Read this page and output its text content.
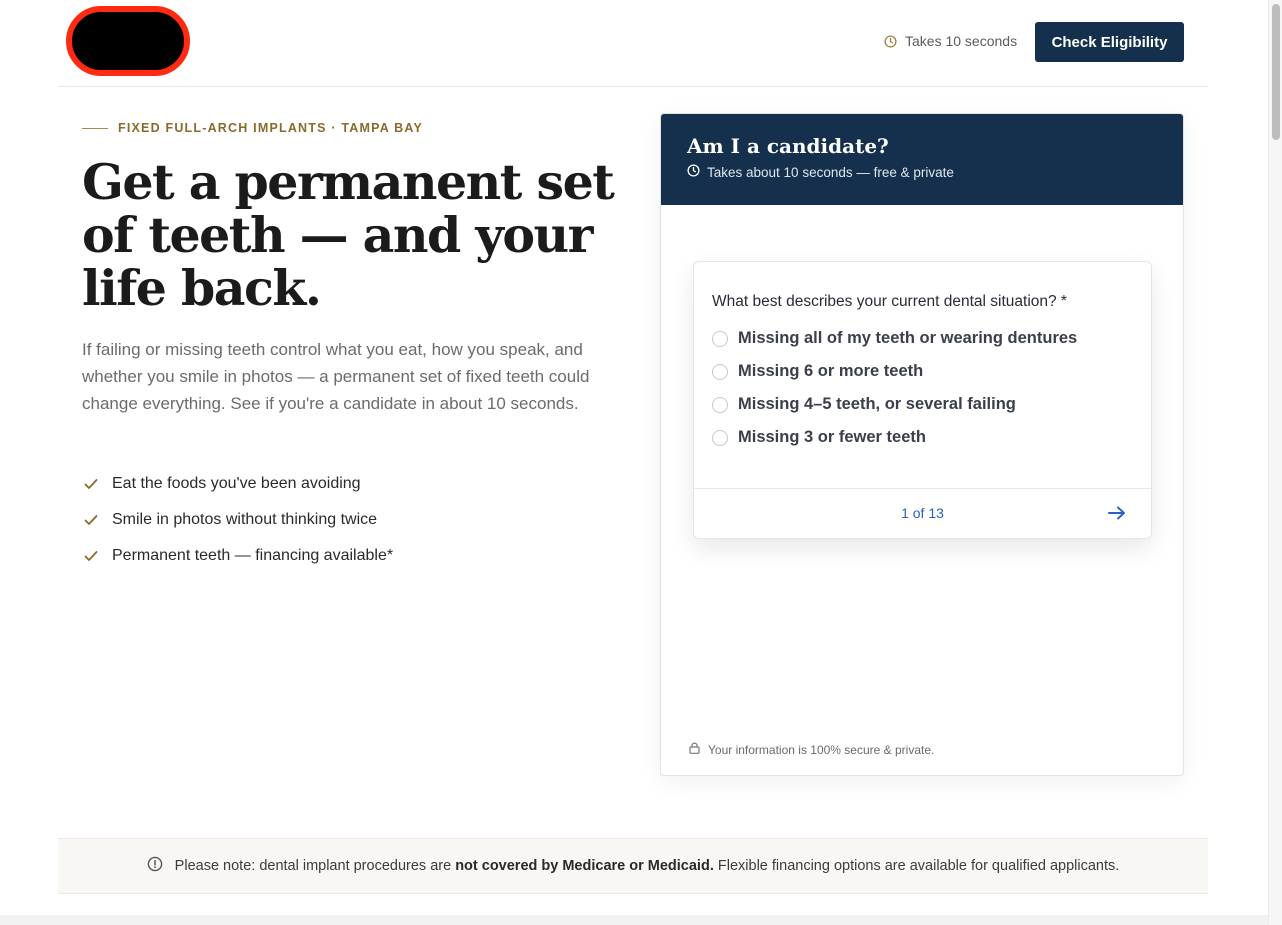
Takes 10 seconds	Check Eligibility
FIXED FULL-ARCH IMPLANTS · TAMPA BAY
Get a permanent set of teeth — and your life back.

If failing or missing teeth control what you eat, how you speak, and whether you smile in photos — a permanent set of fixed teeth could change everything. See if you're a candidate in about 10 seconds.

Eat the foods you've been avoiding
Smile in photos without thinking twice
Permanent teeth — financing available*
Am I a candidate?
Takes about 10 seconds — free & private
What best describes your current dental situation? *
Missing all of my teeth or wearing dentures
Missing 6 or more teeth
Missing 4–5 teeth, or several failing
Missing 3 or fewer teeth
1 of 13
Your information is 100% secure & private.
Please note: dental implant procedures are not covered by Medicare or Medicaid. Flexible financing options are available for qualified applicants.
